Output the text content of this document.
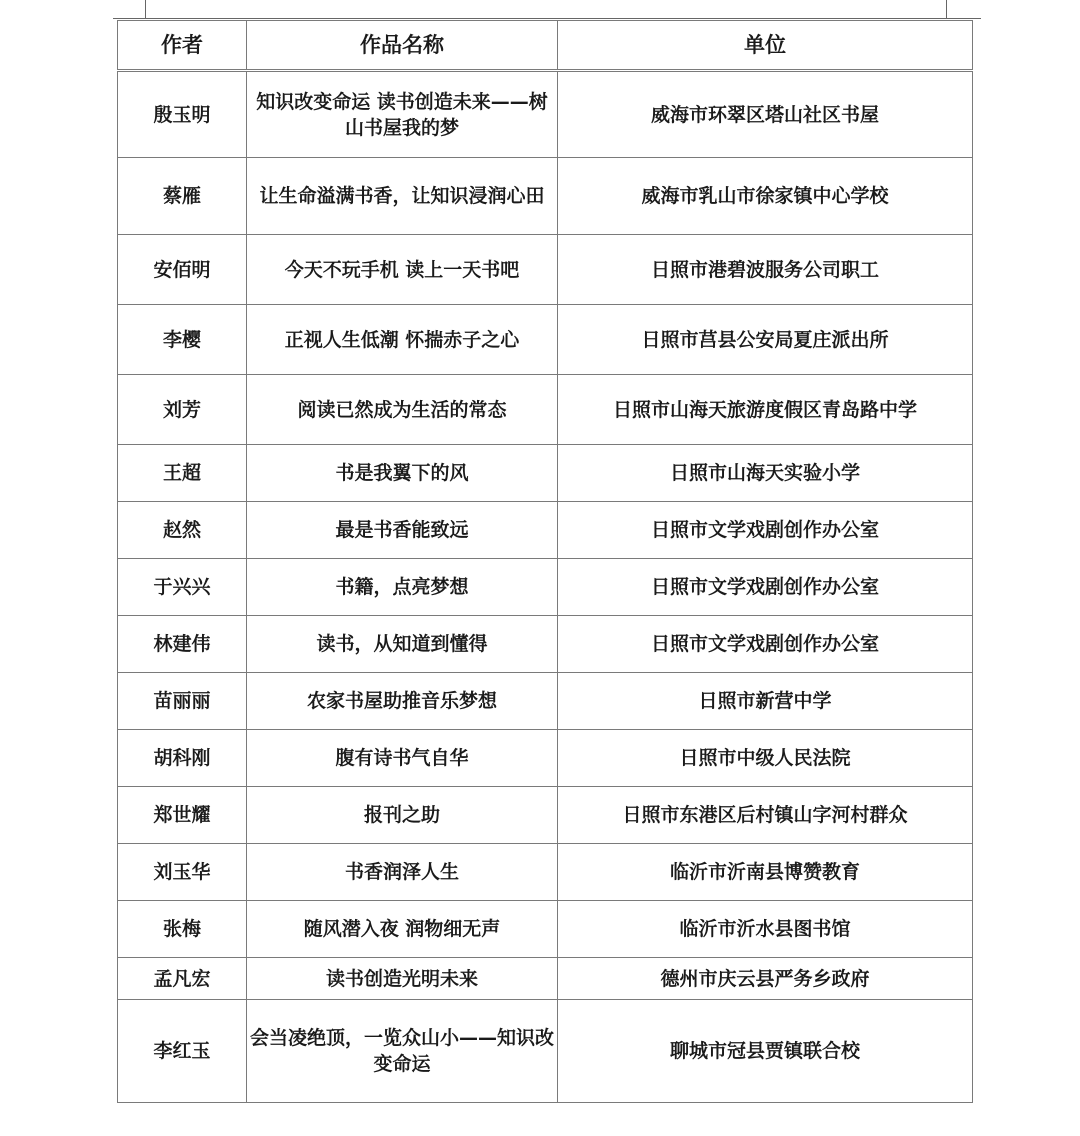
作者	作品名称	单位
殷玉明	知识改变命运 读书创造未来——树山书屋我的梦	威海市环翠区塔山社区书屋
蔡雁	让生命溢满书香，让知识浸润心田	威海市乳山市徐家镇中心学校
安佰明	今天不玩手机 读上一天书吧	日照市港碧波服务公司职工
李樱	正视人生低潮 怀揣赤子之心	日照市莒县公安局夏庄派出所
刘芳	阅读已然成为生活的常态	日照市山海天旅游度假区青岛路中学
王超	书是我翼下的风	日照市山海天实验小学
赵然	最是书香能致远	日照市文学戏剧创作办公室
于兴兴	书籍，点亮梦想	日照市文学戏剧创作办公室
林建伟	读书，从知道到懂得	日照市文学戏剧创作办公室
苗丽丽	农家书屋助推音乐梦想	日照市新营中学
胡科刚	腹有诗书气自华	日照市中级人民法院
郑世耀	报刊之助	日照市东港区后村镇山字河村群众
刘玉华	书香润泽人生	临沂市沂南县博赞教育
张梅	随风潜入夜 润物细无声	临沂市沂水县图书馆
孟凡宏	读书创造光明未来	德州市庆云县严务乡政府
李红玉	会当凌绝顶，一览众山小——知识改变命运	聊城市冠县贾镇联合校
